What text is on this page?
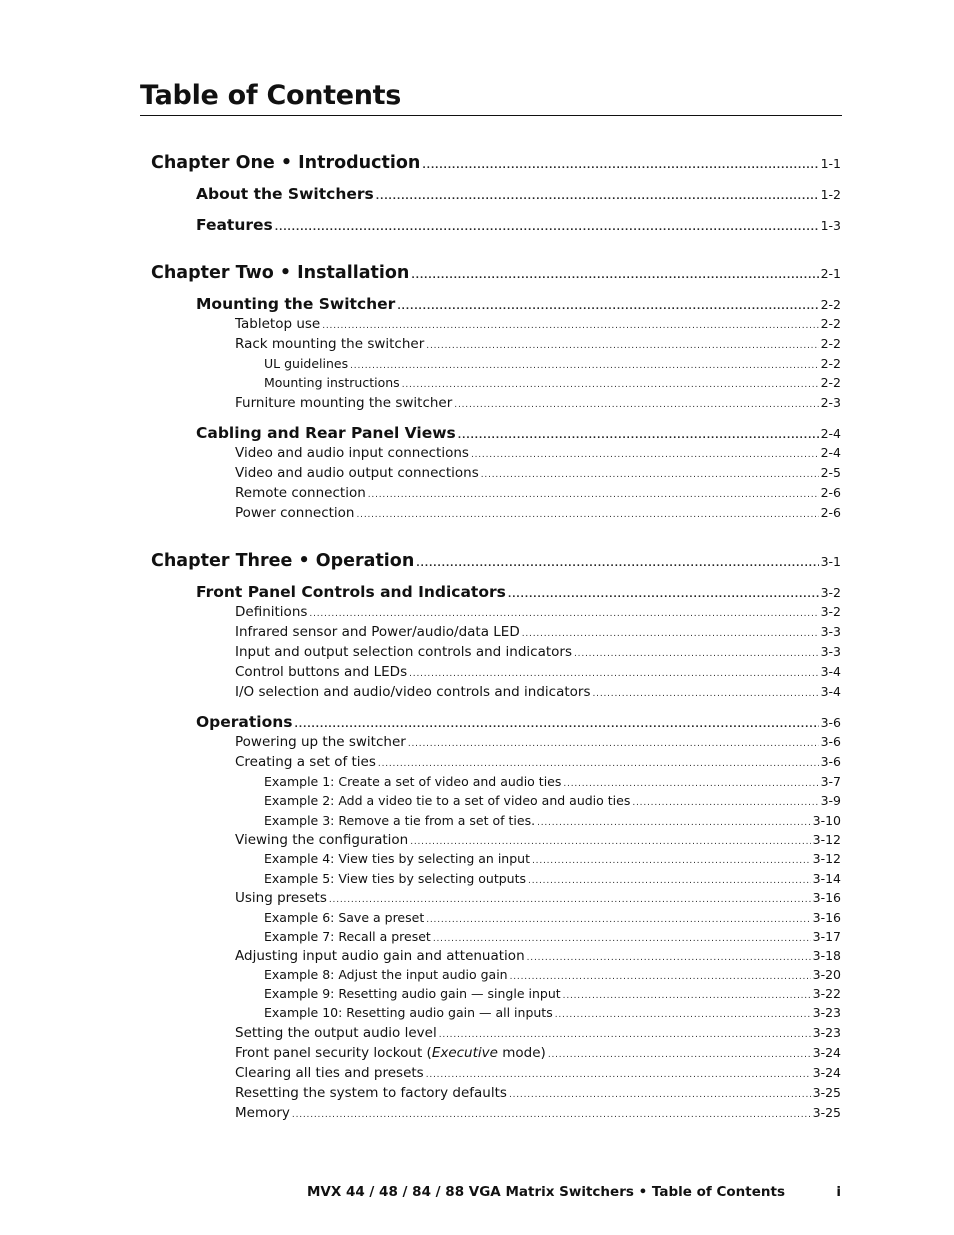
Table of Contents
Chapter One • Introduction .....	1-1
About the Switchers .....	1-2
Features .....	1-3
Chapter Two • Installation .....	2-1
Mounting the Switcher .....	2-2
Tabletop use .....	2-2
Rack mounting the switcher .....	2-2
UL guidelines .....	2-2
Mounting instructions .....	2-2
Furniture mounting the switcher .....	2-3
Cabling and Rear Panel Views .....	2-4
Video and audio input connections .....	2-4
Video and audio output connections .....	2-5
Remote connection .....	2-6
Power connection .....	2-6
Chapter Three • Operation .....	3-1
Front Panel Controls and Indicators .....	3-2
Definitions .....	3-2
Infrared sensor and Power/audio/data LED .....	3-3
Input and output selection controls and indicators .....	3-3
Control buttons and LEDs .....	3-4
I/O selection and audio/video controls and indicators .....	3-4
Operations .....	3-6
Powering up the switcher .....	3-6
Creating a set of ties .....	3-6
Example 1: Create a set of video and audio ties .....	3-7
Example 2: Add a video tie to a set of video and audio ties .....	3-9
Example 3: Remove a tie from a set of ties. .....	3-10
Viewing the configuration .....	3-12
Example 4: View ties by selecting an input .....	3-12
Example 5: View ties by selecting outputs .....	3-14
Using presets .....	3-16
Example 6: Save a preset .....	3-16
Example 7: Recall a preset .....	3-17
Adjusting input audio gain and attenuation .....	3-18
Example 8: Adjust the input audio gain .....	3-20
Example 9: Resetting audio gain — single input .....	3-22
Example 10: Resetting audio gain — all inputs .....	3-23
Setting the output audio level .....	3-23
Front panel security lockout (Executive mode) .....	3-24
Clearing all ties and presets .....	3-24
Resetting the system to factory defaults .....	3-25
Memory .....	3-25
MVX 44 / 48 / 84 / 88 VGA Matrix Switchers • Table of Contents	i
